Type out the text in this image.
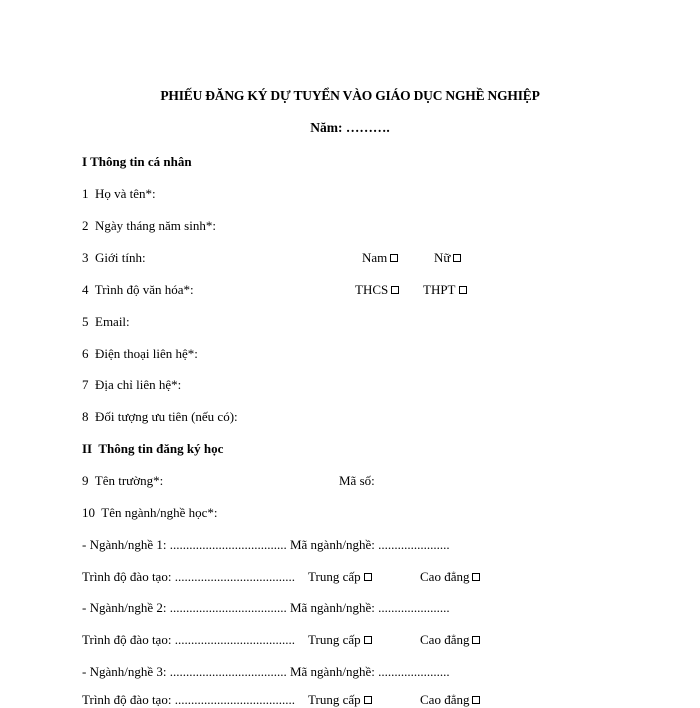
PHIẾU ĐĂNG KÝ DỰ TUYỂN VÀO GIÁO DỤC NGHỀ NGHIỆP
Năm: ……….
I Thông tin cá nhân
1  Họ và tên*:
2  Ngày tháng năm sinh*:
3  Giới tính:	Nam	Nữ
4  Trình độ văn hóa*:	THCS	THPT
5  Email:
6  Điện thoại liên hệ*:
7  Địa chỉ liên hệ*:
8  Đối tượng ưu tiên (nếu có):
II  Thông tin đăng ký học
9  Tên trường*:	Mã số:
10  Tên ngành/nghề học*:
- Ngành/nghề 1: .................................... Mã ngành/nghề: ......................
Trình độ đào tạo: ..................................... Trung cấp	Cao đẳng
- Ngành/nghề 2: .................................... Mã ngành/nghề: ......................
Trình độ đào tạo: ..................................... Trung cấp	Cao đẳng
- Ngành/nghề 3: .................................... Mã ngành/nghề: ......................
Trình độ đào tạo: ..................................... Trung cấp	Cao đẳng
